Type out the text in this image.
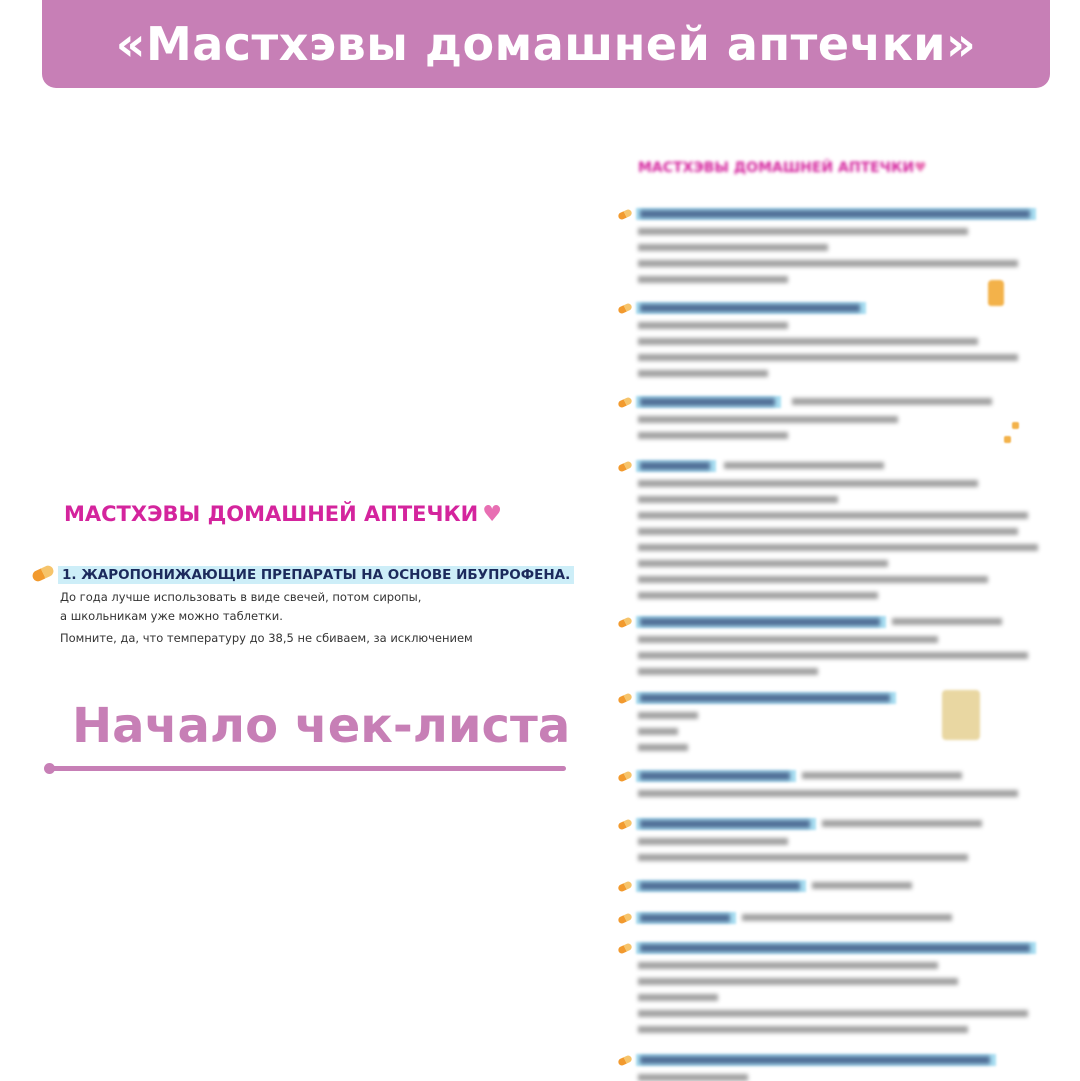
«Мастхэвы домашней аптечки»
МАСТХЭВЫ ДОМАШНЕЙ АПТЕЧКИ ♥
1. ЖАРОПОНИЖАЮЩИЕ ПРЕПАРАТЫ НА ОСНОВЕ ИБУПРОФЕНА.
До года лучше использовать в виде свечей, потом сиропы,
а школьникам уже можно таблетки.
Помните, да, что температуру до 38,5 не сбиваем, за исключением
Начало чек-листа
МАСТХЭВЫ ДОМАШНЕЙ АПТЕЧКИ♥
